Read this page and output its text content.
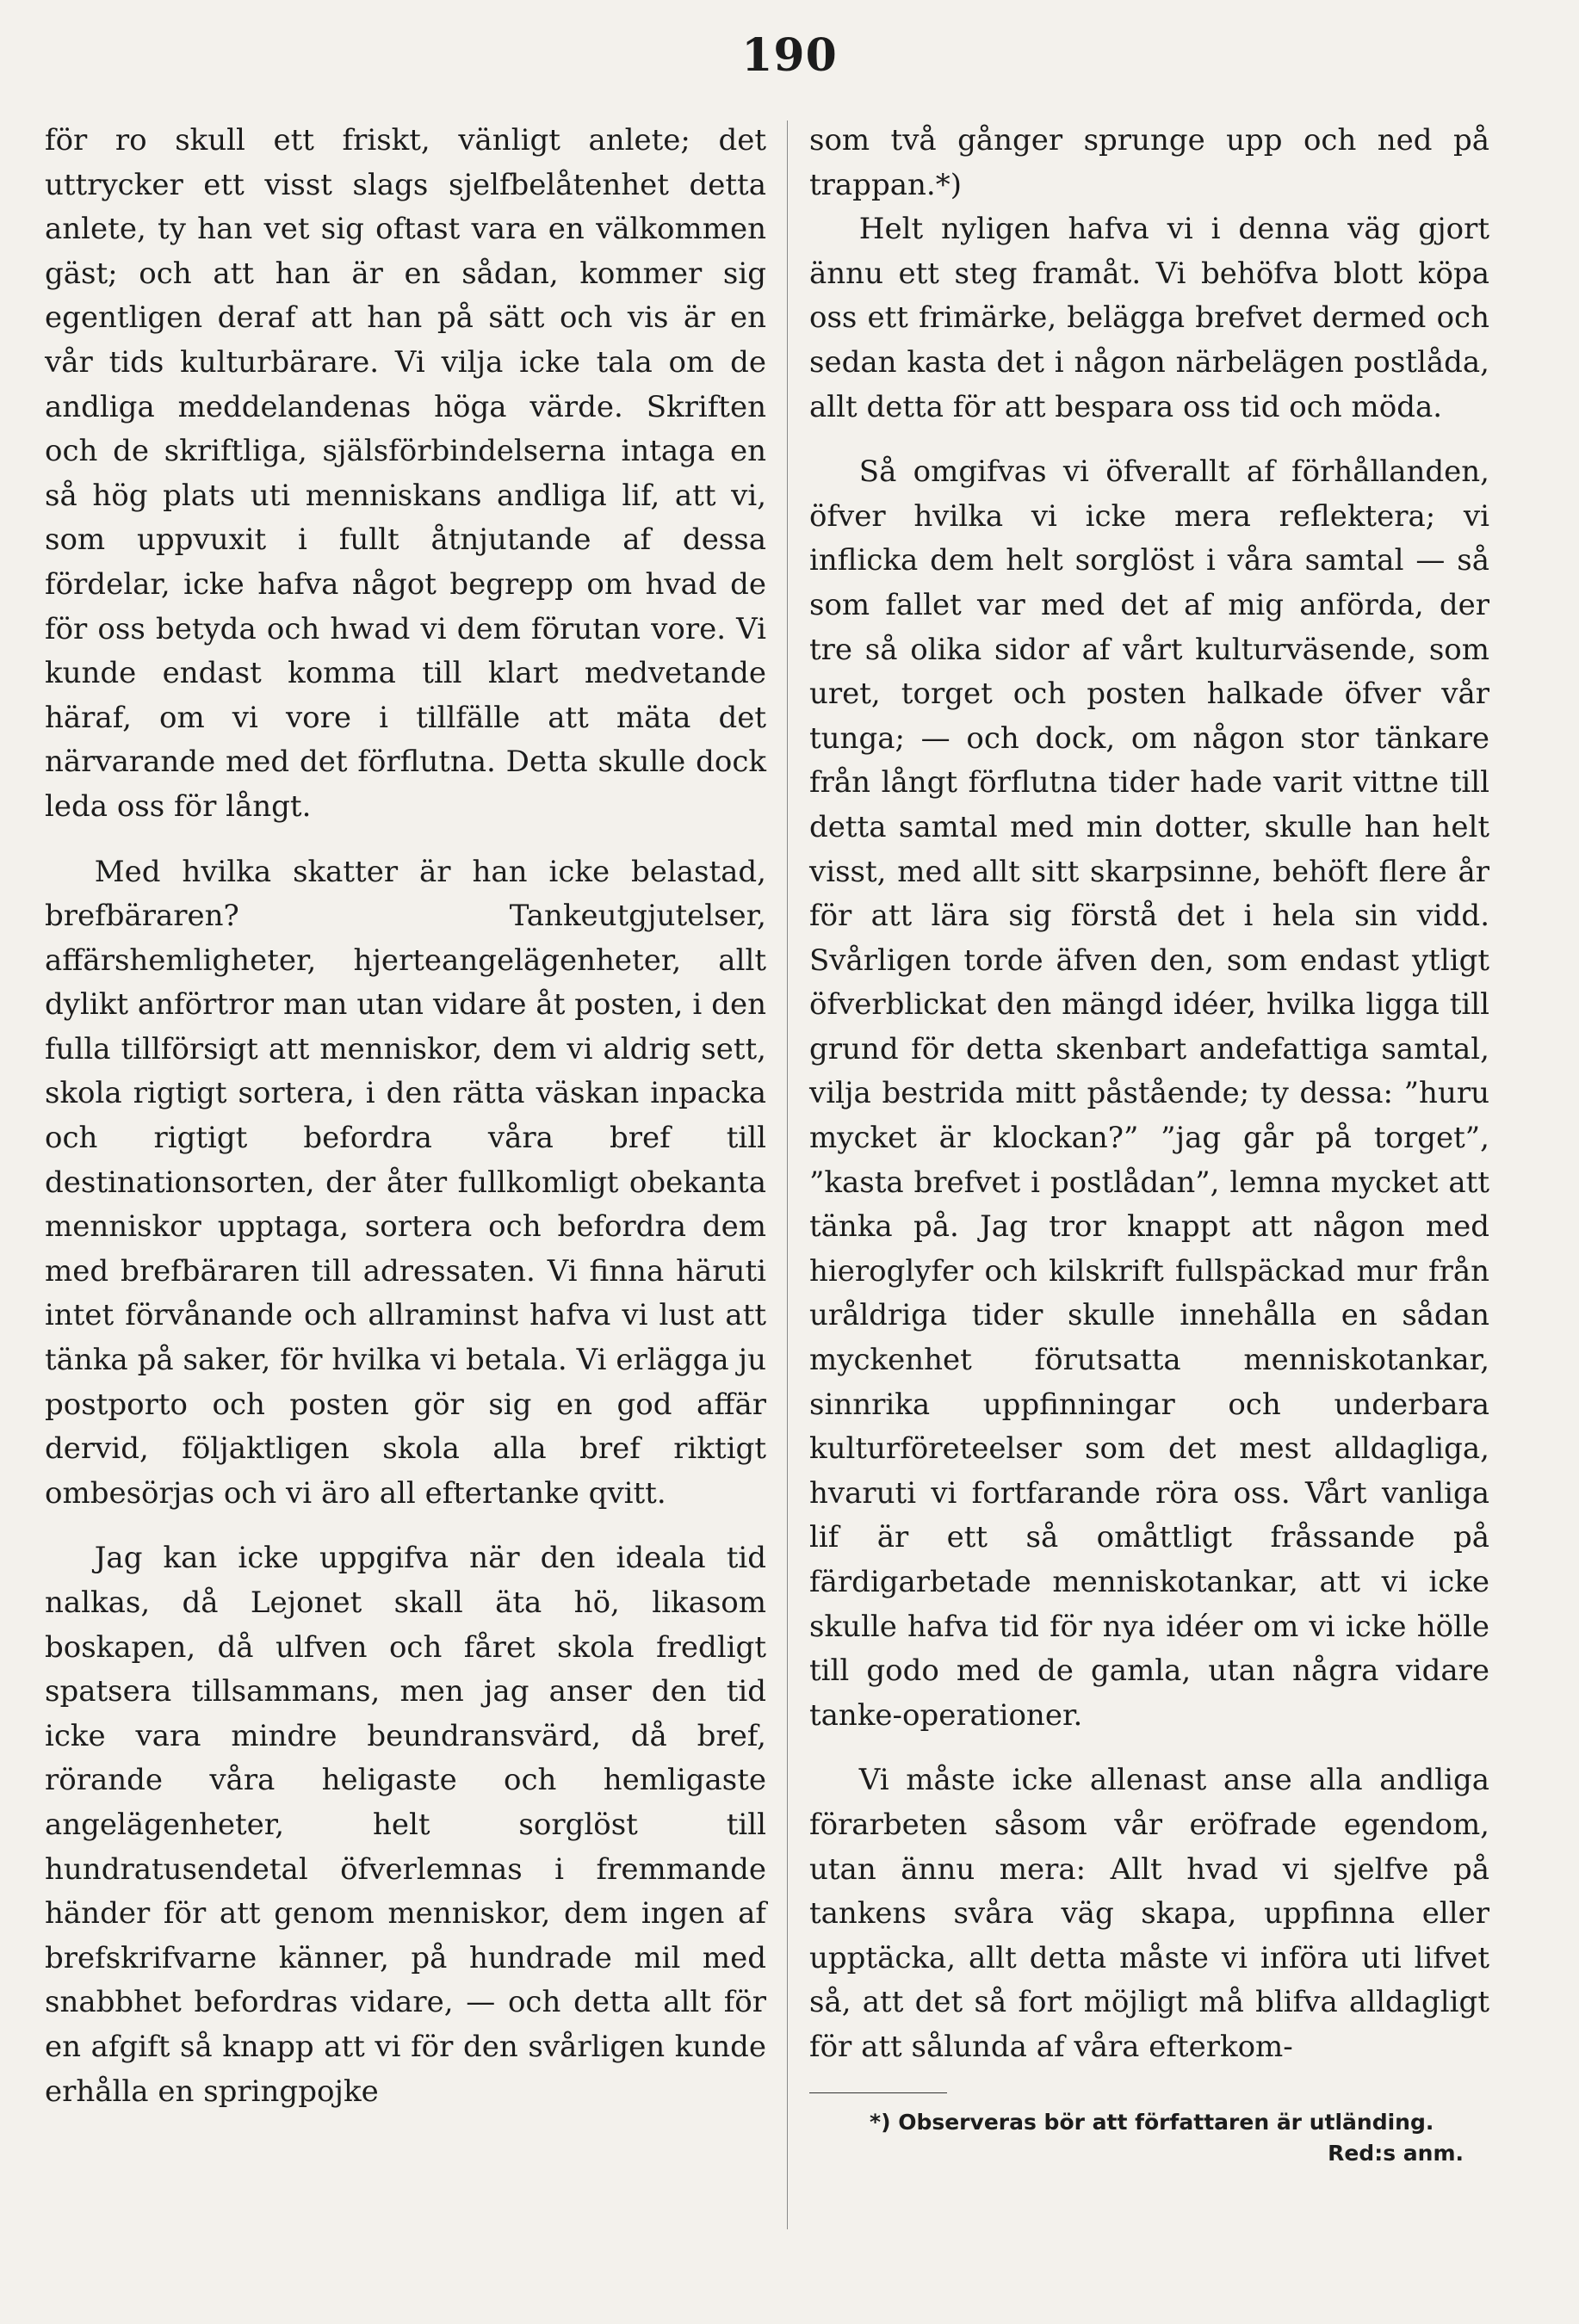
190

för ro skull ett friskt, vänligt anlete; det uttrycker ett visst slags sjelfbelåtenhet detta anlete, ty han vet sig oftast vara en välkommen gäst; och att han är en sådan, kommer sig egentligen deraf att han på sätt och vis är en vår tids kulturbärare. Vi vilja icke tala om de andliga meddelandenas höga värde. Skriften och de skriftliga, själsförbindelserna intaga en så hög plats uti menniskans andliga lif, att vi, som uppvuxit i fullt åtnjutande af dessa fördelar, icke hafva något begrepp om hvad de för oss betyda och hwad vi dem förutan vore. Vi kunde endast komma till klart medvetande häraf, om vi vore i tillfälle att mäta det närvarande med det förflutna. Detta skulle dock leda oss för långt.

Med hvilka skatter är han icke belastad, brefbäraren? Tankeutgjutelser, affärshemligheter, hjerteangelägenheter, allt dylikt anförtror man utan vidare åt posten, i den fulla tillförsigt att menniskor, dem vi aldrig sett, skola rigtigt sortera, i den rätta väskan inpacka och rigtigt befordra våra bref till destinationsorten, der åter fullkomligt obekanta menniskor upptaga, sortera och befordra dem med brefbäraren till adressaten. Vi finna häruti intet förvånande och allraminst hafva vi lust att tänka på saker, för hvilka vi betala. Vi erlägga ju postporto och posten gör sig en god affär dervid, följaktligen skola alla bref riktigt ombesörjas och vi äro all eftertanke qvitt.

Jag kan icke uppgifva när den ideala tid nalkas, då Lejonet skall äta hö, likasom boskapen, då ulfven och fåret skola fredligt spatsera tillsammans, men jag anser den tid icke vara mindre beundransvärd, då bref, rörande våra heligaste och hemligaste angelägenheter, helt sorglöst till hundratusendetal öfverlemnas i fremmande händer för att genom menniskor, dem ingen af brefskrifvarne känner, på hundrade mil med snabbhet befordras vidare, — och detta allt för en afgift så knapp att vi för den svårligen kunde erhålla en springpojke

som två gånger sprunge upp och ned på trappan.*)

Helt nyligen hafva vi i denna väg gjort ännu ett steg framåt. Vi behöfva blott köpa oss ett frimärke, belägga brefvet dermed och sedan kasta det i någon närbelägen postlåda, allt detta för att bespara oss tid och möda.

Så omgifvas vi öfverallt af förhållanden, öfver hvilka vi icke mera reflektera; vi inflicka dem helt sorglöst i våra samtal — så som fallet var med det af mig anförda, der tre så olika sidor af vårt kulturväsende, som uret, torget och posten halkade öfver vår tunga; — och dock, om någon stor tänkare från långt förflutna tider hade varit vittne till detta samtal med min dotter, skulle han helt visst, med allt sitt skarpsinne, behöft flere år för att lära sig förstå det i hela sin vidd. Svårligen torde äfven den, som endast ytligt öfverblickat den mängd idéer, hvilka ligga till grund för detta skenbart andefattiga samtal, vilja bestrida mitt påstående; ty dessa: ”huru mycket är klockan?” ”jag går på torget”, ”kasta brefvet i postlådan”, lemna mycket att tänka på. Jag tror knappt att någon med hieroglyfer och kilskrift fullspäckad mur från uråldriga tider skulle innehålla en sådan myckenhet förutsatta menniskotankar, sinnrika uppfinningar och underbara kulturföreteelser som det mest alldagliga, hvaruti vi fortfarande röra oss. Vårt vanliga lif är ett så omåttligt fråssande på färdigarbetade menniskotankar, att vi icke skulle hafva tid för nya idéer om vi icke hölle till godo med de gamla, utan några vidare tanke-operationer.

Vi måste icke allenast anse alla andliga förarbeten såsom vår eröfrade egendom, utan ännu mera: Allt hvad vi sjelfve på tankens svåra väg skapa, uppfinna eller upptäcka, allt detta måste vi införa uti lifvet så, att det så fort möjligt må blifva alldagligt för att sålunda af våra efterkom-

*) Observeras bör att författaren är utländing.
Red:s anm.
